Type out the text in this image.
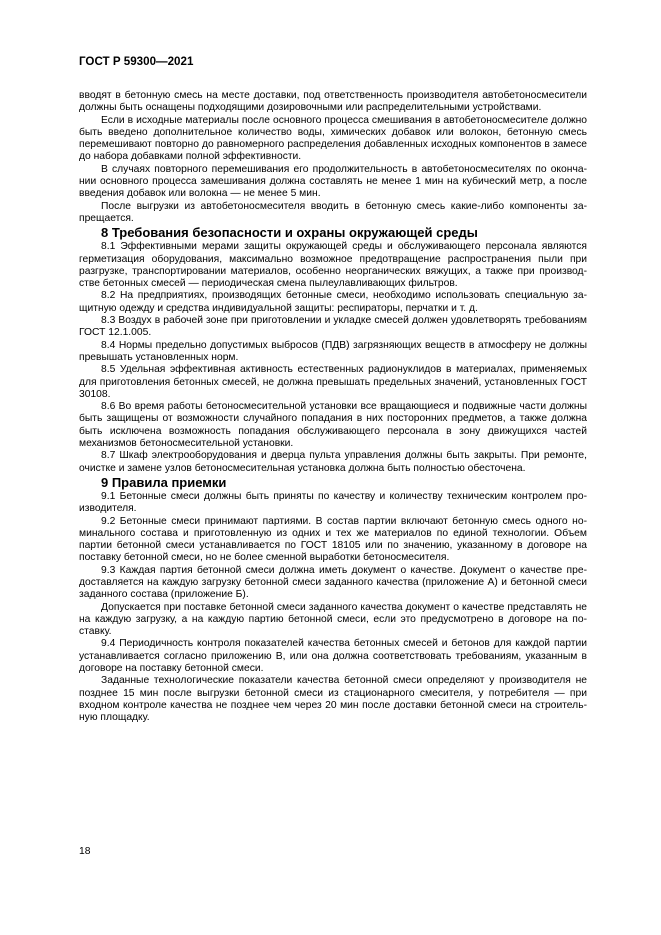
ГОСТ Р 59300—2021

вводят в бетонную смесь на месте доставки, под ответственность производителя автобетоносмесители должны быть оснащены подходящими дозировочными или распределительными устройствами.

Если в исходные материалы после основного процесса смешивания в автобетоносмесителе должно быть введено дополнительное количество воды, химических добавок или волокон, бетонную смесь перемешивают повторно до равномерного распределения добавленных исходных компонентов в замесе до набора добавками полной эффективности.

В случаях повторного перемешивания его продолжительность в автобетоносмесителях по окончании основного процесса замешивания должна составлять не менее 1 мин на кубический метр, а после введения добавок или волокна — не менее 5 мин.

После выгрузки из автобетоносмесителя вводить в бетонную смесь какие-либо компоненты запрещается.

8 Требования безопасности и охраны окружающей среды

8.1 Эффективными мерами защиты окружающей среды и обслуживающего персонала являются герметизация оборудования, максимально возможное предотвращение распространения пыли при разгрузке, транспортировании материалов, особенно неорганических вяжущих, а также при производстве бетонных смесей — периодическая смена пылеулавливающих фильтров.

8.2 На предприятиях, производящих бетонные смеси, необходимо использовать специальную защитную одежду и средства индивидуальной защиты: респираторы, перчатки и т. д.

8.3 Воздух в рабочей зоне при приготовлении и укладке смесей должен удовлетворять требованиям ГОСТ 12.1.005.

8.4 Нормы предельно допустимых выбросов (ПДВ) загрязняющих веществ в атмосферу не должны превышать установленных норм.

8.5 Удельная эффективная активность естественных радионуклидов в материалах, применяемых для приготовления бетонных смесей, не должна превышать предельных значений, установленных ГОСТ 30108.

8.6 Во время работы бетоносмесительной установки все вращающиеся и подвижные части должны быть защищены от возможности случайного попадания в них посторонних предметов, а также должна быть исключена возможность попадания обслуживающего персонала в зону движущихся частей механизмов бетоносмесительной установки.

8.7 Шкаф электрооборудования и дверца пульта управления должны быть закрыты. При ремонте, очистке и замене узлов бетоносмесительная установка должна быть полностью обесточена.

9 Правила приемки

9.1 Бетонные смеси должны быть приняты по качеству и количеству техническим контролем производителя.

9.2 Бетонные смеси принимают партиями. В состав партии включают бетонную смесь одного номинального состава и приготовленную из одних и тех же материалов по единой технологии. Объем партии бетонной смеси устанавливается по ГОСТ 18105 или по значению, указанному в договоре на поставку бетонной смеси, но не более сменной выработки бетоносмесителя.

9.3 Каждая партия бетонной смеси должна иметь документ о качестве. Документ о качестве предоставляется на каждую загрузку бетонной смеси заданного качества (приложение А) и бетонной смеси заданного состава (приложение Б).

Допускается при поставке бетонной смеси заданного качества документ о качестве представлять не на каждую загрузку, а на каждую партию бетонной смеси, если это предусмотрено в договоре на поставку.

9.4 Периодичность контроля показателей качества бетонных смесей и бетонов для каждой партии устанавливается согласно приложению В, или она должна соответствовать требованиям, указанным в договоре на поставку бетонной смеси.

Заданные технологические показатели качества бетонной смеси определяют у производителя не позднее 15 мин после выгрузки бетонной смеси из стационарного смесителя, у потребителя — при входном контроле качества не позднее чем через 20 мин после доставки бетонной смеси на строительную площадку.

18
